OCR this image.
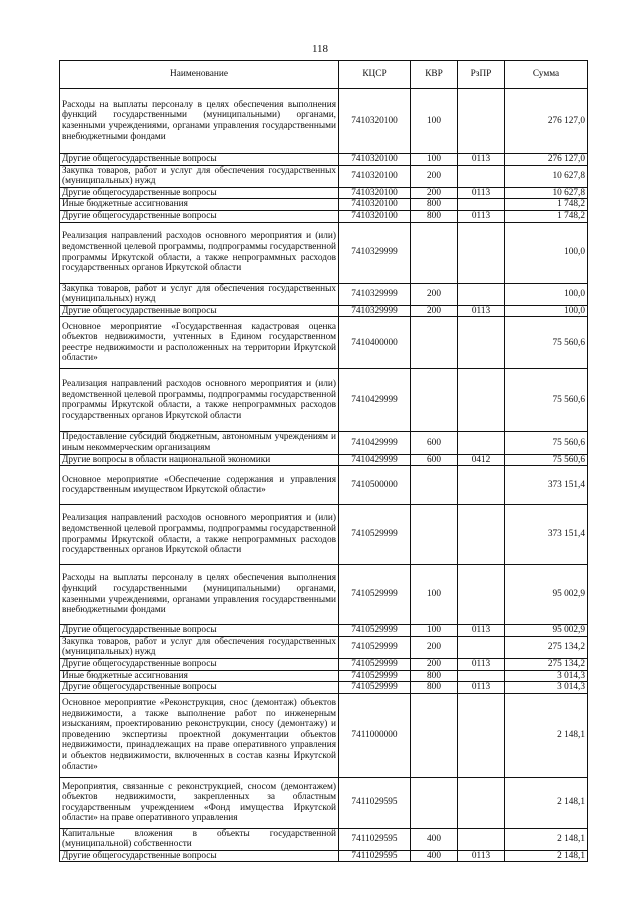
118
Наименование	КЦСР	КВР	РзПР	Сумма
Расходы на выплаты персоналу в целях обеспечения выполнения функций государственными (муниципальными) органами, казенными учреждениями, органами управления государственными внебюджетными фондами	7410320100	100		276 127,0
Другие общегосударственные вопросы	7410320100	100	0113	276 127,0
Закупка товаров, работ и услуг для обеспечения государственных (муниципальных) нужд	7410320100	200		10 627,8
Другие общегосударственные вопросы	7410320100	200	0113	10 627,8
Иные бюджетные ассигнования	7410320100	800		1 748,2
Другие общегосударственные вопросы	7410320100	800	0113	1 748,2
Реализация направлений расходов основного мероприятия и (или) ведомственной целевой программы, подпрограммы государственной программы Иркутской области, а также непрограммных расходов государственных органов Иркутской области	7410329999			100,0
Закупка товаров, работ и услуг для обеспечения государственных (муниципальных) нужд	7410329999	200		100,0
Другие общегосударственные вопросы	7410329999	200	0113	100,0
Основное мероприятие «Государственная кадастровая оценка объектов недвижимости, учтенных в Едином государственном реестре недвижимости и расположенных на территории Иркутской области»	7410400000			75 560,6
Реализация направлений расходов основного мероприятия и (или) ведомственной целевой программы, подпрограммы государственной программы Иркутской области, а также непрограммных расходов государственных органов Иркутской области	7410429999			75 560,6
Предоставление субсидий бюджетным, автономным учреждениям и иным некоммерческим организациям	7410429999	600		75 560,6
Другие вопросы в области национальной экономики	7410429999	600	0412	75 560,6
Основное мероприятие «Обеспечение содержания и управления государственным имуществом Иркутской области»	7410500000			373 151,4
Реализация направлений расходов основного мероприятия и (или) ведомственной целевой программы, подпрограммы государственной программы Иркутской области, а также непрограммных расходов государственных органов Иркутской области	7410529999			373 151,4
Расходы на выплаты персоналу в целях обеспечения выполнения функций государственными (муниципальными) органами, казенными учреждениями, органами управления государственными внебюджетными фондами	7410529999	100		95 002,9
Другие общегосударственные вопросы	7410529999	100	0113	95 002,9
Закупка товаров, работ и услуг для обеспечения государственных (муниципальных) нужд	7410529999	200		275 134,2
Другие общегосударственные вопросы	7410529999	200	0113	275 134,2
Иные бюджетные ассигнования	7410529999	800		3 014,3
Другие общегосударственные вопросы	7410529999	800	0113	3 014,3
Основное мероприятие «Реконструкция, снос (демонтаж) объектов недвижимости, а также выполнение работ по инженерным изысканиям, проектированию реконструкции, сносу (демонтажу) и проведению экспертизы проектной документации объектов недвижимости, принадлежащих на праве оперативного управления и объектов недвижимости, включенных в состав казны Иркутской области»	7411000000			2 148,1
Мероприятия, связанные с реконструкцией, сносом (демонтажем) объектов недвижимости, закрепленных за областным государственным учреждением «Фонд имущества Иркутской области» на праве оперативного управления	7411029595			2 148,1
Капитальные вложения в объекты государственной (муниципальной) собственности	7411029595	400		2 148,1
Другие общегосударственные вопросы	7411029595	400	0113	2 148,1
